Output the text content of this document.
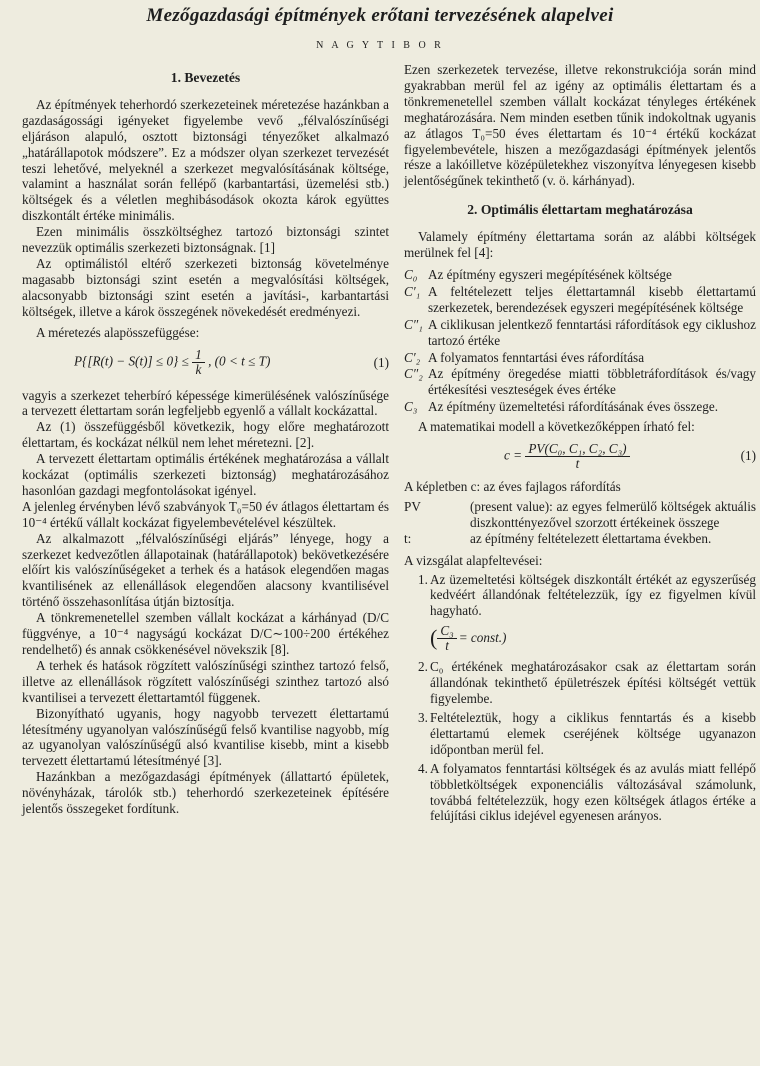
Mezőgazdasági építmények erőtani tervezésének alapelvei
N A G Y T I B O R
1. Bevezetés

Az építmények teherhordó szerkezeteinek méretezése hazánkban a gazdaságossági igényeket figyelembe vevő „félvalószínűségi eljáráson alapuló, osztott biztonsági tényezőket alkalmazó „határállapotok módszere”. Ez a módszer olyan szerkezet tervezését teszi lehetővé, melyeknél a szerkezet megvalósításának költsége, valamint a használat során fellépő (karbantartási, üzemelési stb.) költségek és a véletlen meghibásodások okozta károk együttes diszkontált értéke minimális.

Ezen minimális összköltséghez tartozó biztonsági szintet nevezzük optimális szerkezeti biztonságnak. [1]

Az optimálistól eltérő szerkezeti biztonság követelménye magasabb biztonsági szint esetén a megvalósítási költségek, alacsonyabb biztonsági szint esetén a javítási-, karbantartási költségek, illetve a károk összegének növekedését eredményezi.

A méretezés alapösszefüggése:

$P\{[R(t) - S(t)] \le 0\} \le \frac{1}{k}$ , (0 < t ≤ T)	(1)

vagyis a szerkezet teherbíró képessége kimerülésének valószínűsége a tervezett élettartam során legfeljebb egyenlő a vállalt kockázattal.

Az (1) összefüggésből következik, hogy előre meghatározott élettartam, és kockázat nélkül nem lehet méretezni. [2].

A tervezett élettartam optimális értékének meghatározása a vállalt kockázat (optimális szerkezeti biztonság) meghatározásához hasonlóan gazdagi megfontolásokat igényel.

A jelenleg érvényben lévő szabványok T₀=50 év átlagos élettartam és 10⁻⁴ értékű vállalt kockázat figyelembevételével készültek.

Az alkalmazott „félvalószínűségi eljárás” lényege, hogy a szerkezet kedvezőtlen állapotainak (határállapotok) bekövetkezésére előírt kis valószínűségeket a terhek és a hatások elegendően magas kvantilisének az ellenállások elegendően alacsony kvantilisével történő összehasonlítása útján biztosítja.

A tönkremenetellel szemben vállalt kockázat a kárhányad (D/C függvénye, a 10⁻⁴ nagyságú kockázat D/C∼100÷200 értékéhez rendelhető) és annak csökkenésével növekszik [8].

A terhek és hatások rögzített valószínűségi szinthez tartozó felső, illetve az ellenállások rögzített valószínűségi szinthez tartozó alsó kvantilisei a tervezett élettartamtól függenek.

Bizonyítható ugyanis, hogy nagyobb tervezett élettartamú létesítmény ugyanolyan valószínűségű felső kvantilise nagyobb, míg az ugyanolyan valószínűségű alsó kvantilise kisebb, mint a kisebb tervezett élettartamú létesítményé [3].

Hazánkban a mezőgazdasági építmények (állattartó épületek, növényházak, tárolók stb.) teherhordó szerkezeteinek építésére jelentős összegeket fordítunk.

Ezen szerkezetek tervezése, illetve rekonstrukciója során mind gyakrabban merül fel az igény az optimális élettartam és a tönkremenetellel szemben vállalt kockázat tényleges értékének meghatározására. Nem minden esetben tűnik indokoltnak ugyanis az átlagos T₀=50 éves élettartam és 10⁻⁴ értékű kockázat figyelembevétele, hiszen a mezőgazdasági építmények jelentős része a lakóilletve középületekhez viszonyítva lényegesen kisebb jelentőségűnek tekinthető (v. ö. kárhányad).

2. Optimális élettartam meghatározása

Valamely építmény élettartama során az alábbi költségek merülnek fel [4]:

C₀ Az építmény egyszeri megépítésének költsége
C′₁ A feltételezett teljes élettartamnál kisebb élettartamú szerkezetek, berendezések egyszeri megépítésének költsége
C″₁ A ciklikusan jelentkező fenntartási ráfordítások egy ciklushoz tartozó értéke
C′₂ A folyamatos fenntartási éves ráfordítása
C″₂ Az építmény öregedése miatti többletráfordítások és/vagy értékesítési veszteségek éves értéke
C₃ Az építmény üzemeltetési ráfordításának éves összege.

A matematikai modell a következőképpen írható fel:

$c = \frac{\text{PV(C₀, C₁, C₂, C₃)}}{t}$	(1)

A képletben c: az éves fajlagos ráfordítás

PV	(present value): az egyes felmerülő költségek aktuális diszkonttényezővel szorzott értékeinek összege
t:	az építmény feltételezett élettartama években.

A vizsgálat alapfeltevései:

1. Az üzemeltetési költségek diszkontált értékét az egyszerűség kedvéért állandónak feltételezzük, így ez figyelmen kívül hagyható.
( $\frac{\text{C₃}}{t}$ = const.)
2. C₀ értékének meghatározásakor csak az élettartam során állandónak tekinthető épületrészek építési költségét vettük figyelembe.
3. Feltételeztük, hogy a ciklikus fenntartás és a kisebb élettartamú elemek cseréjének költsége ugyanazon időpontban merül fel.
4. A folyamatos fenntartási költségek és az avulás miatt fellépő többletköltségek exponenciális változásával számolunk, továbbá feltételezzük, hogy ezen költségek átlagos értéke a felújítási ciklus idejével egyenesen arányos.
